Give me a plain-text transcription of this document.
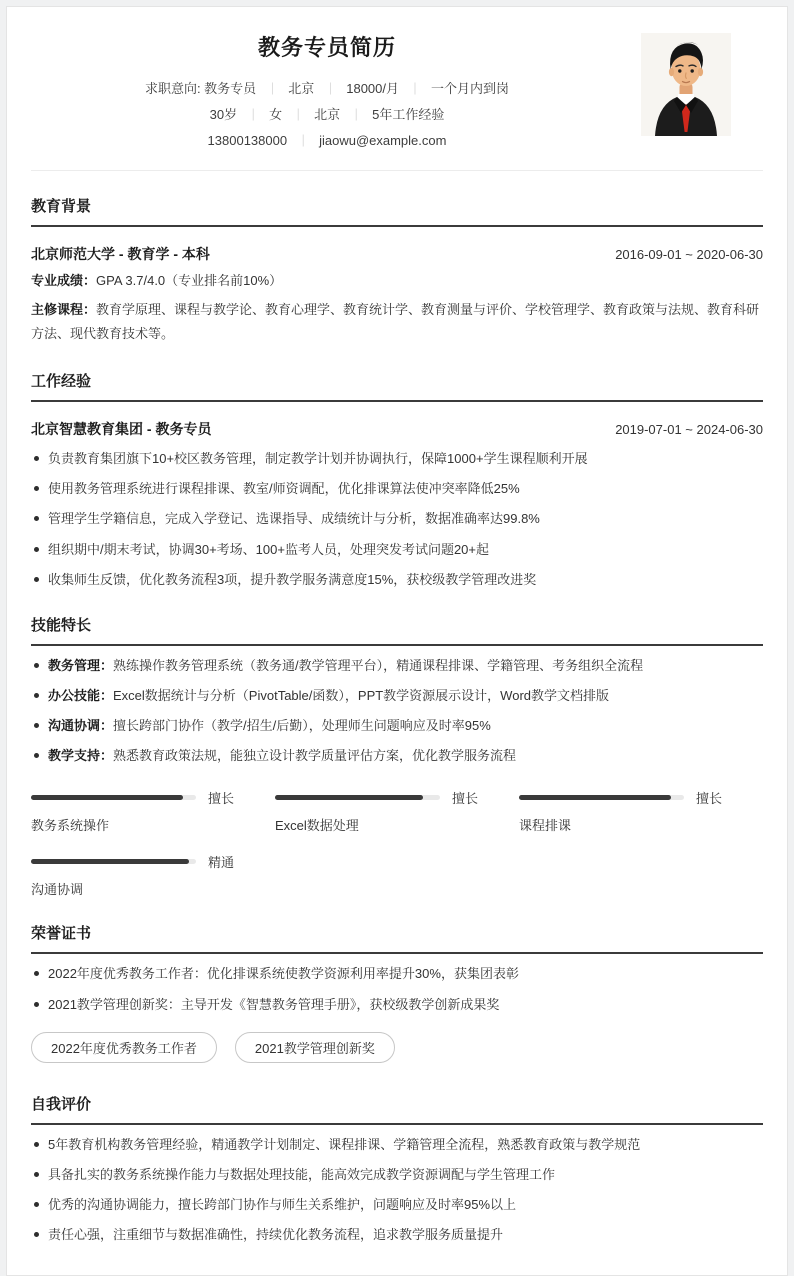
教务专员简历
求职意向: 教务专员 ｜ 北京 ｜ 18000/月 ｜ 一个月内到岗
30岁 ｜ 女 ｜ 北京 ｜ 5年工作经验
13800138000 ｜ jiaowu@example.com
教育背景
北京师范大学 - 教育学 - 本科	2016-09-01 ~ 2020-06-30
专业成绩：GPA 3.7/4.0（专业排名前10%）
主修课程：教育学原理、课程与教学论、教育心理学、教育统计学、教育测量与评价、学校管理学、教育政策与法规、教育科研方法、现代教育技术等。
工作经验
北京智慧教育集团 - 教务专员	2019-07-01 ~ 2024-06-30
负责教育集团旗下10+校区教务管理，制定教学计划并协调执行，保障1000+学生课程顺利开展
使用教务管理系统进行课程排课、教室/师资调配，优化排课算法使冲突率降低25%
管理学生学籍信息，完成入学登记、选课指导、成绩统计与分析，数据准确率达99.8%
组织期中/期末考试，协调30+考场、100+监考人员，处理突发考试问题20+起
收集师生反馈，优化教务流程3项，提升教学服务满意度15%，获校级教学管理改进奖
技能特长
教务管理：熟练操作教务管理系统（教务通/教学管理平台），精通课程排课、学籍管理、考务组织全流程
办公技能：Excel数据统计与分析（PivotTable/函数），PPT教学资源展示设计，Word教学文档排版
沟通协调：擅长跨部门协作（教学/招生/后勤），处理师生问题响应及时率95%
教学支持：熟悉教育政策法规，能独立设计教学质量评估方案，优化教学服务流程
擅长
教务系统操作
擅长
Excel数据处理
擅长
课程排课
精通
沟通协调
荣誉证书
2022年度优秀教务工作者：优化排课系统使教学资源利用率提升30%，获集团表彰
2021教学管理创新奖：主导开发《智慧教务管理手册》，获校级教学创新成果奖
2022年度优秀教务工作者	2021教学管理创新奖
自我评价
5年教育机构教务管理经验，精通教学计划制定、课程排课、学籍管理全流程，熟悉教育政策与教学规范
具备扎实的教务系统操作能力与数据处理技能，能高效完成教学资源调配与学生管理工作
优秀的沟通协调能力，擅长跨部门协作与师生关系维护，问题响应及时率95%以上
责任心强，注重细节与数据准确性，持续优化教务流程，追求教学服务质量提升
